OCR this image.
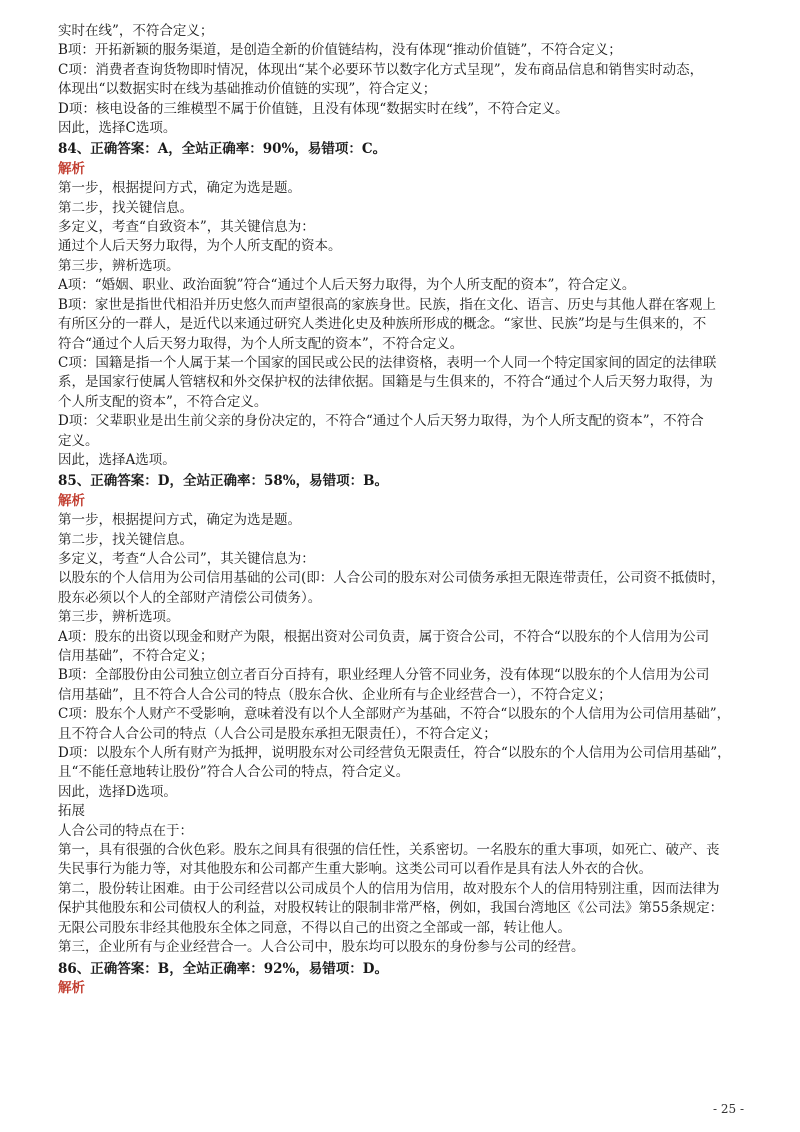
实时在线”，不符合定义；
B项：开拓新颖的服务渠道，是创造全新的价值链结构，没有体现“推动价值链”，不符合定义；
C项：消费者查询货物即时情况，体现出“某个必要环节以数字化方式呈现”，发布商品信息和销售实时动态，
体现出“以数据实时在线为基础推动价值链的实现”，符合定义；
D项：核电设备的三维模型不属于价值链，且没有体现“数据实时在线”，不符合定义。
因此，选择C选项。
84、正确答案：A，全站正确率：90%，易错项：C。
解析
第一步，根据提问方式，确定为选是题。
第二步，找关键信息。
多定义，考查“自致资本”，其关键信息为：
通过个人后天努力取得，为个人所支配的资本。
第三步，辨析选项。
A项：“婚姻、职业、政治面貌”符合“通过个人后天努力取得，为个人所支配的资本”，符合定义。
B项：家世是指世代相沿并历史悠久而声望很高的家族身世。民族，指在文化、语言、历史与其他人群在客观上
有所区分的一群人，是近代以来通过研究人类进化史及种族所形成的概念。“家世、民族”均是与生俱来的，不
符合“通过个人后天努力取得，为个人所支配的资本”，不符合定义。
C项：国籍是指一个人属于某一个国家的国民或公民的法律资格，表明一个人同一个特定国家间的固定的法律联
系，是国家行使属人管辖权和外交保护权的法律依据。国籍是与生俱来的，不符合“通过个人后天努力取得，为
个人所支配的资本”，不符合定义。
D项：父辈职业是出生前父亲的身份决定的，不符合“通过个人后天努力取得，为个人所支配的资本”，不符合
定义。
因此，选择A选项。
85、正确答案：D，全站正确率：58%，易错项：B。
解析
第一步，根据提问方式，确定为选是题。
第二步，找关键信息。
多定义，考查“人合公司”，其关键信息为：
以股东的个人信用为公司信用基础的公司(即：人合公司的股东对公司债务承担无限连带责任，公司资不抵债时，
股东必须以个人的全部财产清偿公司债务）。
第三步，辨析选项。
A项：股东的出资以现金和财产为限，根据出资对公司负责，属于资合公司，不符合“以股东的个人信用为公司
信用基础”，不符合定义；
B项：全部股份由公司独立创立者百分百持有，职业经理人分管不同业务，没有体现“以股东的个人信用为公司
信用基础”，且不符合人合公司的特点（股东合伙、企业所有与企业经营合一），不符合定义；
C项：股东个人财产不受影响，意味着没有以个人全部财产为基础，不符合“以股东的个人信用为公司信用基础”，
且不符合人合公司的特点（人合公司是股东承担无限责任），不符合定义；
D项：以股东个人所有财产为抵押，说明股东对公司经营负无限责任，符合“以股东的个人信用为公司信用基础”，
且“不能任意地转让股份”符合人合公司的特点，符合定义。
因此，选择D选项。
拓展
人合公司的特点在于：
第一，具有很强的合伙色彩。股东之间具有很强的信任性，关系密切。一名股东的重大事项，如死亡、破产、丧
失民事行为能力等，对其他股东和公司都产生重大影响。这类公司可以看作是具有法人外衣的合伙。
第二，股份转让困难。由于公司经营以公司成员个人的信用为信用，故对股东个人的信用特别注重，因而法律为
保护其他股东和公司债权人的利益，对股权转让的限制非常严格，例如，我国台湾地区《公司法》第55条规定：
无限公司股东非经其他股东全体之同意，不得以自己的出资之全部或一部，转让他人。
第三，企业所有与企业经营合一。人合公司中，股东均可以股东的身份参与公司的经营。
86、正确答案：B，全站正确率：92%，易错项：D。
解析
- 25 -
